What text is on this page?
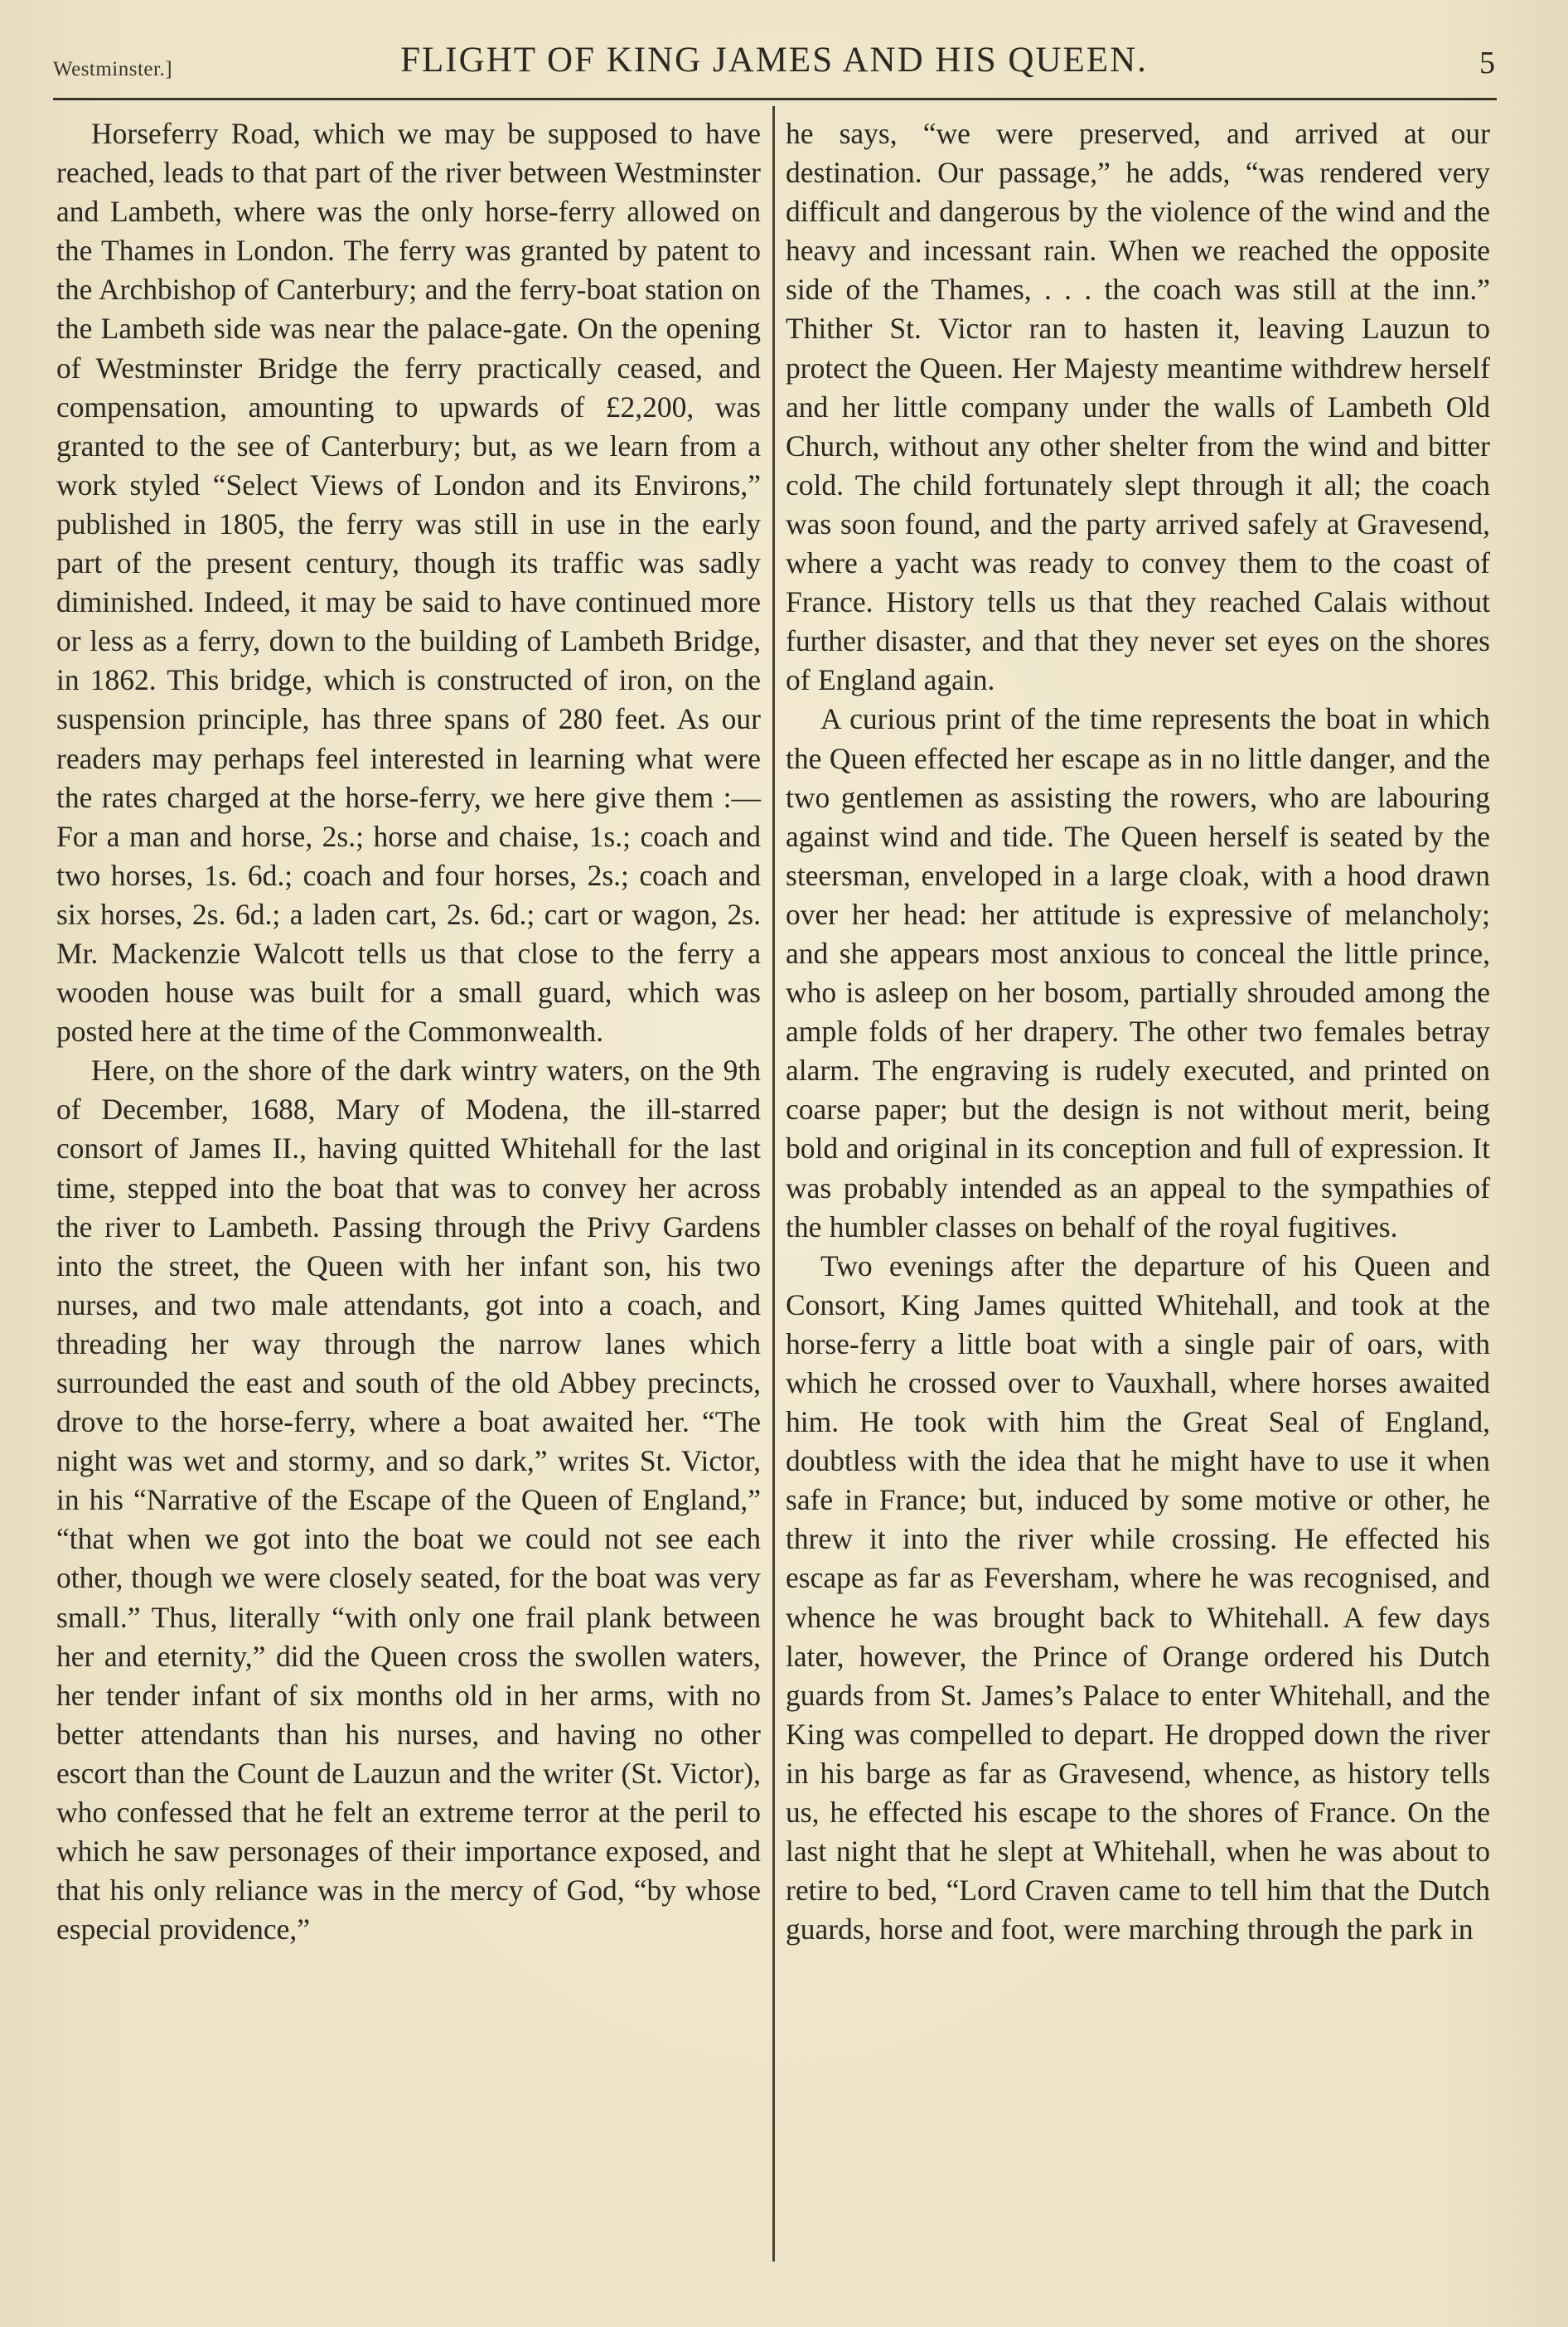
Westminster.]	FLIGHT OF KING JAMES AND HIS QUEEN.	5

Horseferry Road, which we may be supposed to have reached, leads to that part of the river between Westminster and Lambeth, where was the only horse-ferry allowed on the Thames in London. The ferry was granted by patent to the Archbishop of Canterbury; and the ferry-boat station on the Lambeth side was near the palace-gate. On the opening of Westminster Bridge the ferry practically ceased, and compensation, amounting to upwards of £2,200, was granted to the see of Canterbury; but, as we learn from a work styled “Select Views of London and its Environs,” published in 1805, the ferry was still in use in the early part of the present century, though its traffic was sadly diminished. Indeed, it may be said to have continued more or less as a ferry, down to the building of Lambeth Bridge, in 1862. This bridge, which is constructed of iron, on the suspension principle, has three spans of 280 feet. As our readers may perhaps feel interested in learning what were the rates charged at the horse-ferry, we here give them :—For a man and horse, 2s.; horse and chaise, 1s.; coach and two horses, 1s. 6d.; coach and four horses, 2s.; coach and six horses, 2s. 6d.; a laden cart, 2s. 6d.; cart or wagon, 2s. Mr. Mackenzie Walcott tells us that close to the ferry a wooden house was built for a small guard, which was posted here at the time of the Commonwealth.

Here, on the shore of the dark wintry waters, on the 9th of December, 1688, Mary of Modena, the ill-starred consort of James II., having quitted Whitehall for the last time, stepped into the boat that was to convey her across the river to Lambeth. Passing through the Privy Gardens into the street, the Queen with her infant son, his two nurses, and two male attendants, got into a coach, and threading her way through the narrow lanes which surrounded the east and south of the old Abbey precincts, drove to the horse-ferry, where a boat awaited her. “The night was wet and stormy, and so dark,” writes St. Victor, in his “Narrative of the Escape of the Queen of England,” “that when we got into the boat we could not see each other, though we were closely seated, for the boat was very small.” Thus, literally “with only one frail plank between her and eternity,” did the Queen cross the swollen waters, her tender infant of six months old in her arms, with no better attendants than his nurses, and having no other escort than the Count de Lauzun and the writer (St. Victor), who confessed that he felt an extreme terror at the peril to which he saw personages of their importance exposed, and that his only reliance was in the mercy of God, “by whose especial providence,”

he says, “we were preserved, and arrived at our destination. Our passage,” he adds, “was rendered very difficult and dangerous by the violence of the wind and the heavy and incessant rain. When we reached the opposite side of the Thames, . . . the coach was still at the inn.” Thither St. Victor ran to hasten it, leaving Lauzun to protect the Queen. Her Majesty meantime withdrew herself and her little company under the walls of Lambeth Old Church, without any other shelter from the wind and bitter cold. The child fortunately slept through it all; the coach was soon found, and the party arrived safely at Gravesend, where a yacht was ready to convey them to the coast of France. History tells us that they reached Calais without further disaster, and that they never set eyes on the shores of England again.

A curious print of the time represents the boat in which the Queen effected her escape as in no little danger, and the two gentlemen as assisting the rowers, who are labouring against wind and tide. The Queen herself is seated by the steersman, enveloped in a large cloak, with a hood drawn over her head: her attitude is expressive of melancholy; and she appears most anxious to conceal the little prince, who is asleep on her bosom, partially shrouded among the ample folds of her drapery. The other two females betray alarm. The engraving is rudely executed, and printed on coarse paper; but the design is not without merit, being bold and original in its conception and full of expression. It was probably intended as an appeal to the sympathies of the humbler classes on behalf of the royal fugitives.

Two evenings after the departure of his Queen and Consort, King James quitted Whitehall, and took at the horse-ferry a little boat with a single pair of oars, with which he crossed over to Vauxhall, where horses awaited him. He took with him the Great Seal of England, doubtless with the idea that he might have to use it when safe in France; but, induced by some motive or other, he threw it into the river while crossing. He effected his escape as far as Feversham, where he was recognised, and whence he was brought back to Whitehall. A few days later, however, the Prince of Orange ordered his Dutch guards from St. James’s Palace to enter Whitehall, and the King was compelled to depart. He dropped down the river in his barge as far as Gravesend, whence, as history tells us, he effected his escape to the shores of France. On the last night that he slept at Whitehall, when he was about to retire to bed, “Lord Craven came to tell him that the Dutch guards, horse and foot, were marching through the park in
